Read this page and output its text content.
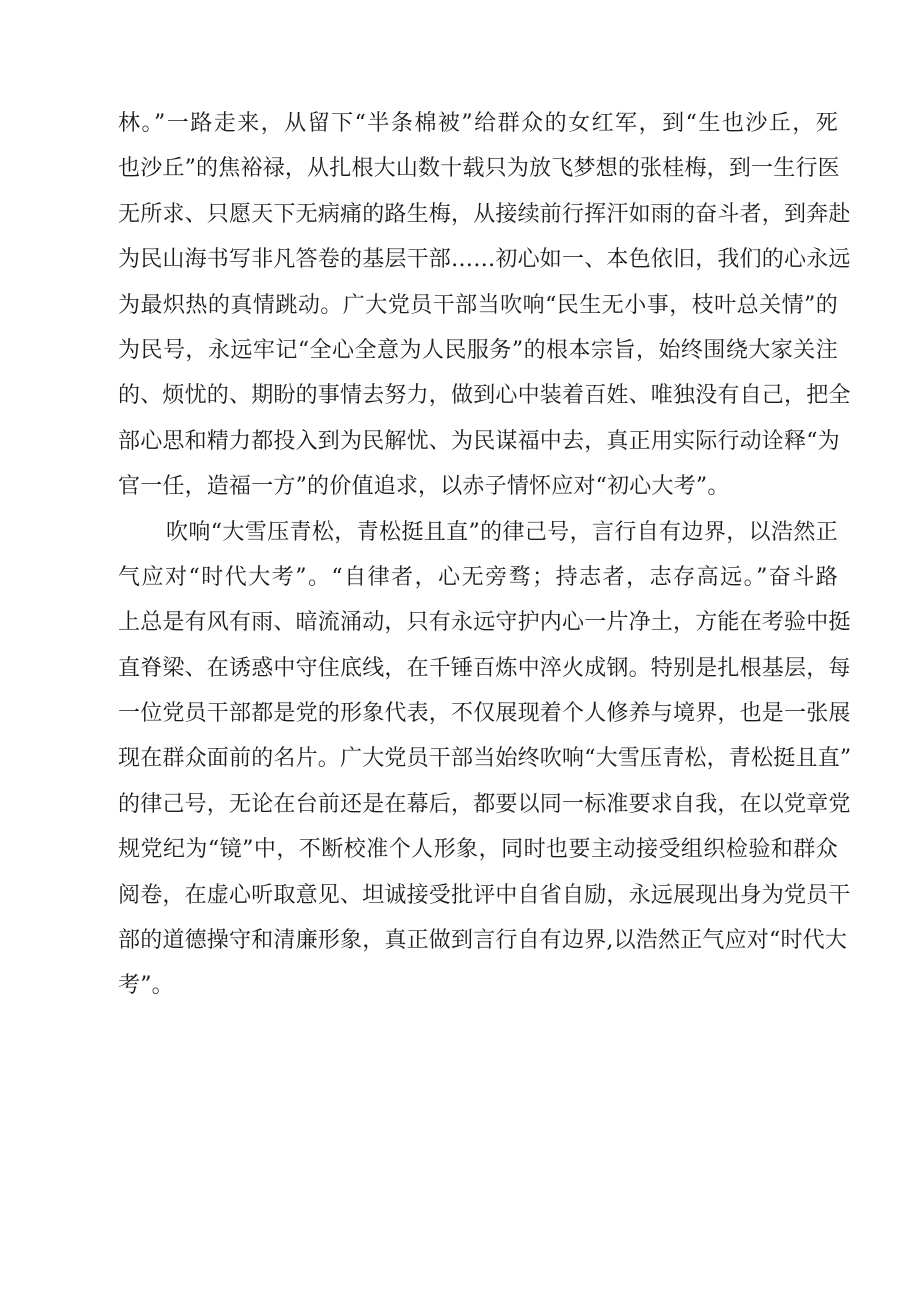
林。”一路走来，从留下“半条棉被”给群众的女红军，到“生也沙丘，死
也沙丘”的焦裕禄，从扎根大山数十载只为放飞梦想的张桂梅，到一生行医
无所求、只愿天下无病痛的路生梅，从接续前行挥汗如雨的奋斗者，到奔赴
为民山海书写非凡答卷的基层干部……初心如一、本色依旧，我们的心永远
为最炽热的真情跳动。广大党员干部当吹响“民生无小事，枝叶总关情”的
为民号，永远牢记“全心全意为人民服务”的根本宗旨，始终围绕大家关注
的、烦忧的、期盼的事情去努力，做到心中装着百姓、唯独没有自己，把全
部心思和精力都投入到为民解忧、为民谋福中去，真正用实际行动诠释“为
官一任，造福一方”的价值追求，以赤子情怀应对“初心大考”。
吹响“大雪压青松，青松挺且直”的律己号，言行自有边界，以浩然正
气应对“时代大考”。“自律者，心无旁骛；持志者，志存高远。”奋斗路
上总是有风有雨、暗流涌动，只有永远守护内心一片净土，方能在考验中挺
直脊梁、在诱惑中守住底线，在千锤百炼中淬火成钢。特别是扎根基层，每
一位党员干部都是党的形象代表，不仅展现着个人修养与境界，也是一张展
现在群众面前的名片。广大党员干部当始终吹响“大雪压青松，青松挺且直”
的律己号，无论在台前还是在幕后，都要以同一标准要求自我，在以党章党
规党纪为“镜”中，不断校准个人形象，同时也要主动接受组织检验和群众
阅卷，在虚心听取意见、坦诚接受批评中自省自励，永远展现出身为党员干
部的道德操守和清廉形象，真正做到言行自有边界,以浩然正气应对“时代大
考”。
